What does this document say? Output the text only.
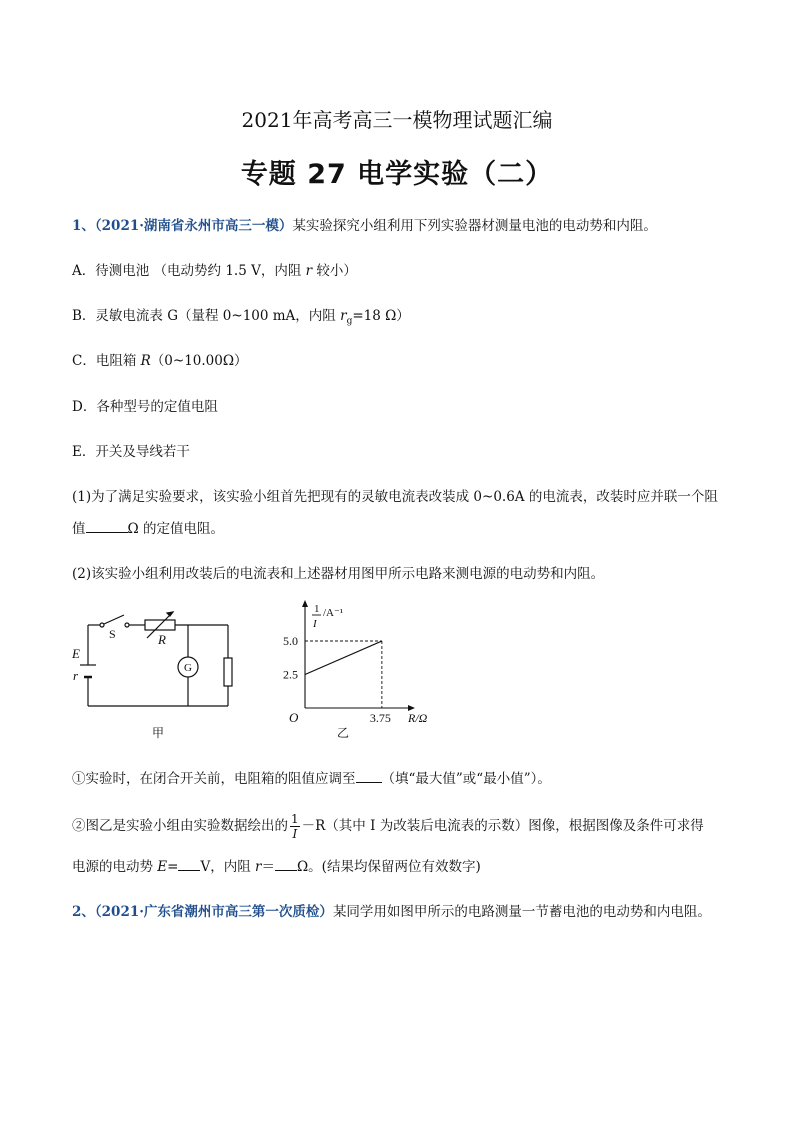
2021年高考高三一模物理试题汇编
专题 27 电学实验（二）
1、（2021·湖南省永州市高三一模）某实验探究小组利用下列实验器材测量电池的电动势和内阻。
A．待测电池 （电动势约 1.5 V，内阻 r 较小）
B．灵敏电流表 G（量程 0~100 mA，内阻 $r_g=18$ Ω）
C．电阻箱 R（0~10.00Ω）
D．各种型号的定值电阻
E．开关及导线若干
(1)为了满足实验要求，该实验小组首先把现有的灵敏电流表改装成 0~0.6A 的电流表，改装时应并联一个阻
值	Ω 的定值电阻。
(2)该实验小组利用改装后的电流表和上述器材用图甲所示电路来测电源的电动势和内阻。
E
r
S	R
G
甲
5.0
2.5
3.75
1
I
/A⁻¹
O	R/Ω
乙
①实验时，在闭合开关前，电阻箱的阻值应调至 （填“最大值”或“最小值”）。
②图乙是实验小组由实验数据绘出的 $\frac{1}{I} -R$（其中 I 为改装后电流表的示数）图像，根据图像及条件可求得
电源的电动势 E= V，内阻 r＝ Ω。(结果均保留两位有效数字)
2、（2021·广东省潮州市高三第一次质检）某同学用如图甲所示的电路测量一节蓄电池的电动势和内电阻。
